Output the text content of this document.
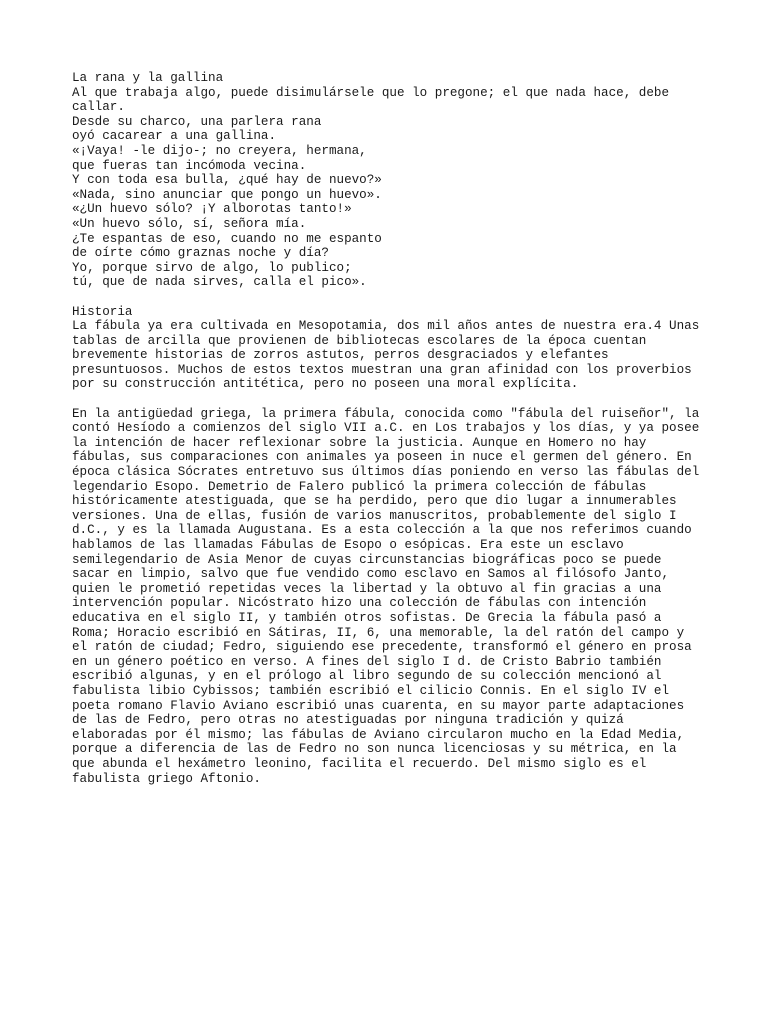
La rana y la gallina
Al que trabaja algo, puede disimulársele que lo pregone; el que nada hace, debe
callar.
Desde su charco, una parlera rana
oyó cacarear a una gallina.
«¡Vaya! -le dijo-; no creyera, hermana,
que fueras tan incómoda vecina.
Y con toda esa bulla, ¿qué hay de nuevo?»
«Nada, sino anunciar que pongo un huevo».
«¿Un huevo sólo? ¡Y alborotas tanto!»
«Un huevo sólo, sí, señora mía.
¿Te espantas de eso, cuando no me espanto
de oírte cómo graznas noche y día?
Yo, porque sirvo de algo, lo publico;
tú, que de nada sirves, calla el pico».
Historia
La fábula ya era cultivada en Mesopotamia, dos mil años antes de nuestra era.4 Unas
tablas de arcilla que provienen de bibliotecas escolares de la época cuentan
brevemente historias de zorros astutos, perros desgraciados y elefantes
presuntuosos. Muchos de estos textos muestran una gran afinidad con los proverbios
por su construcción antitética, pero no poseen una moral explícita.
En la antigüedad griega, la primera fábula, conocida como "fábula del ruiseñor", la
contó Hesíodo a comienzos del siglo VII a.C. en Los trabajos y los días, y ya posee
la intención de hacer reflexionar sobre la justicia. Aunque en Homero no hay
fábulas, sus comparaciones con animales ya poseen in nuce el germen del género. En
época clásica Sócrates entretuvo sus últimos días poniendo en verso las fábulas del
legendario Esopo. Demetrio de Falero publicó la primera colección de fábulas
históricamente atestiguada, que se ha perdido, pero que dio lugar a innumerables
versiones. Una de ellas, fusión de varios manuscritos, probablemente del siglo I
d.C., y es la llamada Augustana. Es a esta colección a la que nos referimos cuando
hablamos de las llamadas Fábulas de Esopo o esópicas. Era este un esclavo
semilegendario de Asia Menor de cuyas circunstancias biográficas poco se puede
sacar en limpio, salvo que fue vendido como esclavo en Samos al filósofo Janto,
quien le prometió repetidas veces la libertad y la obtuvo al fin gracias a una
intervención popular. Nicóstrato hizo una colección de fábulas con intención
educativa en el siglo II, y también otros sofistas. De Grecia la fábula pasó a
Roma; Horacio escribió en Sátiras, II, 6, una memorable, la del ratón del campo y
el ratón de ciudad; Fedro, siguiendo ese precedente, transformó el género en prosa
en un género poético en verso. A fines del siglo I d. de Cristo Babrio también
escribió algunas, y en el prólogo al libro segundo de su colección mencionó al
fabulista libio Cybissos; también escribió el cilicio Connis. En el siglo IV el
poeta romano Flavio Aviano escribió unas cuarenta, en su mayor parte adaptaciones
de las de Fedro, pero otras no atestiguadas por ninguna tradición y quizá
elaboradas por él mismo; las fábulas de Aviano circularon mucho en la Edad Media,
porque a diferencia de las de Fedro no son nunca licenciosas y su métrica, en la
que abunda el hexámetro leonino, facilita el recuerdo. Del mismo siglo es el
fabulista griego Aftonio.
